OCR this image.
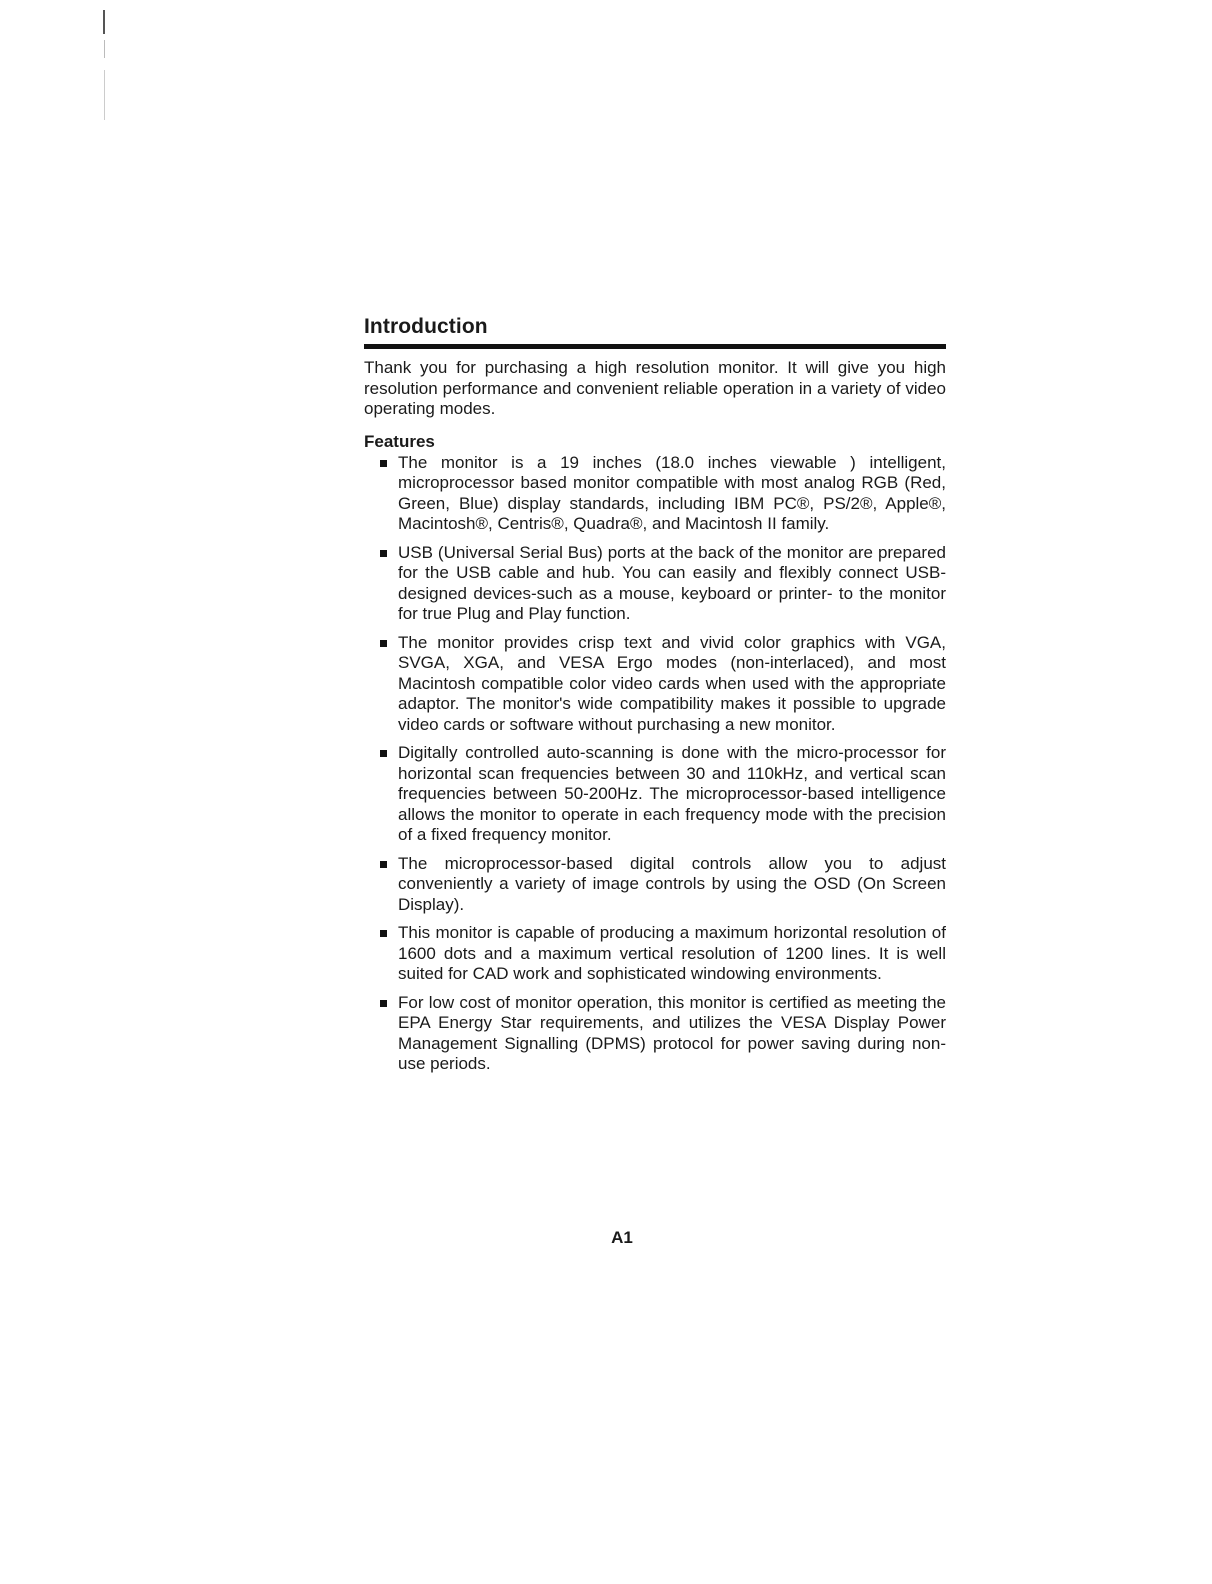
Introduction

Thank you for purchasing a high resolution monitor. It will give you high resolution performance and convenient reliable operation in a variety of video operating modes.

Features
The monitor is a 19 inches (18.0 inches viewable ) intelligent, microprocessor based monitor compatible with most analog RGB (Red, Green, Blue) display standards, including IBM PC®, PS/2®, Apple®, Macintosh®, Centris®, Quadra®, and Macintosh II family.
USB (Universal Serial Bus) ports at the back of the monitor are prepared for the USB cable and hub. You can easily and flexibly connect USB-designed devices-such as a mouse, keyboard or printer- to the monitor for true Plug and Play function.
The monitor provides crisp text and vivid color graphics with VGA, SVGA, XGA, and VESA Ergo modes (non-interlaced), and most Macintosh compatible color video cards when used with the appropriate adaptor. The monitor's wide compatibility makes it possible to upgrade video cards or software without purchasing a new monitor.
Digitally controlled auto-scanning is done with the micro-processor for horizontal scan frequencies between 30 and 110kHz, and vertical scan frequencies between 50-200Hz. The microprocessor-based intelligence allows the monitor to operate in each frequency mode with the precision of a fixed frequency monitor.
The microprocessor-based digital controls allow you to adjust conveniently a variety of image controls by using the OSD (On Screen Display).
This monitor is capable of producing a maximum horizontal resolution of 1600 dots and a maximum vertical resolution of 1200 lines. It is well suited for CAD work and sophisticated windowing environments.
For low cost of monitor operation, this monitor is certified as meeting the EPA Energy Star requirements, and utilizes the VESA Display Power Management Signalling (DPMS) protocol for power saving during non-use periods.
A1
